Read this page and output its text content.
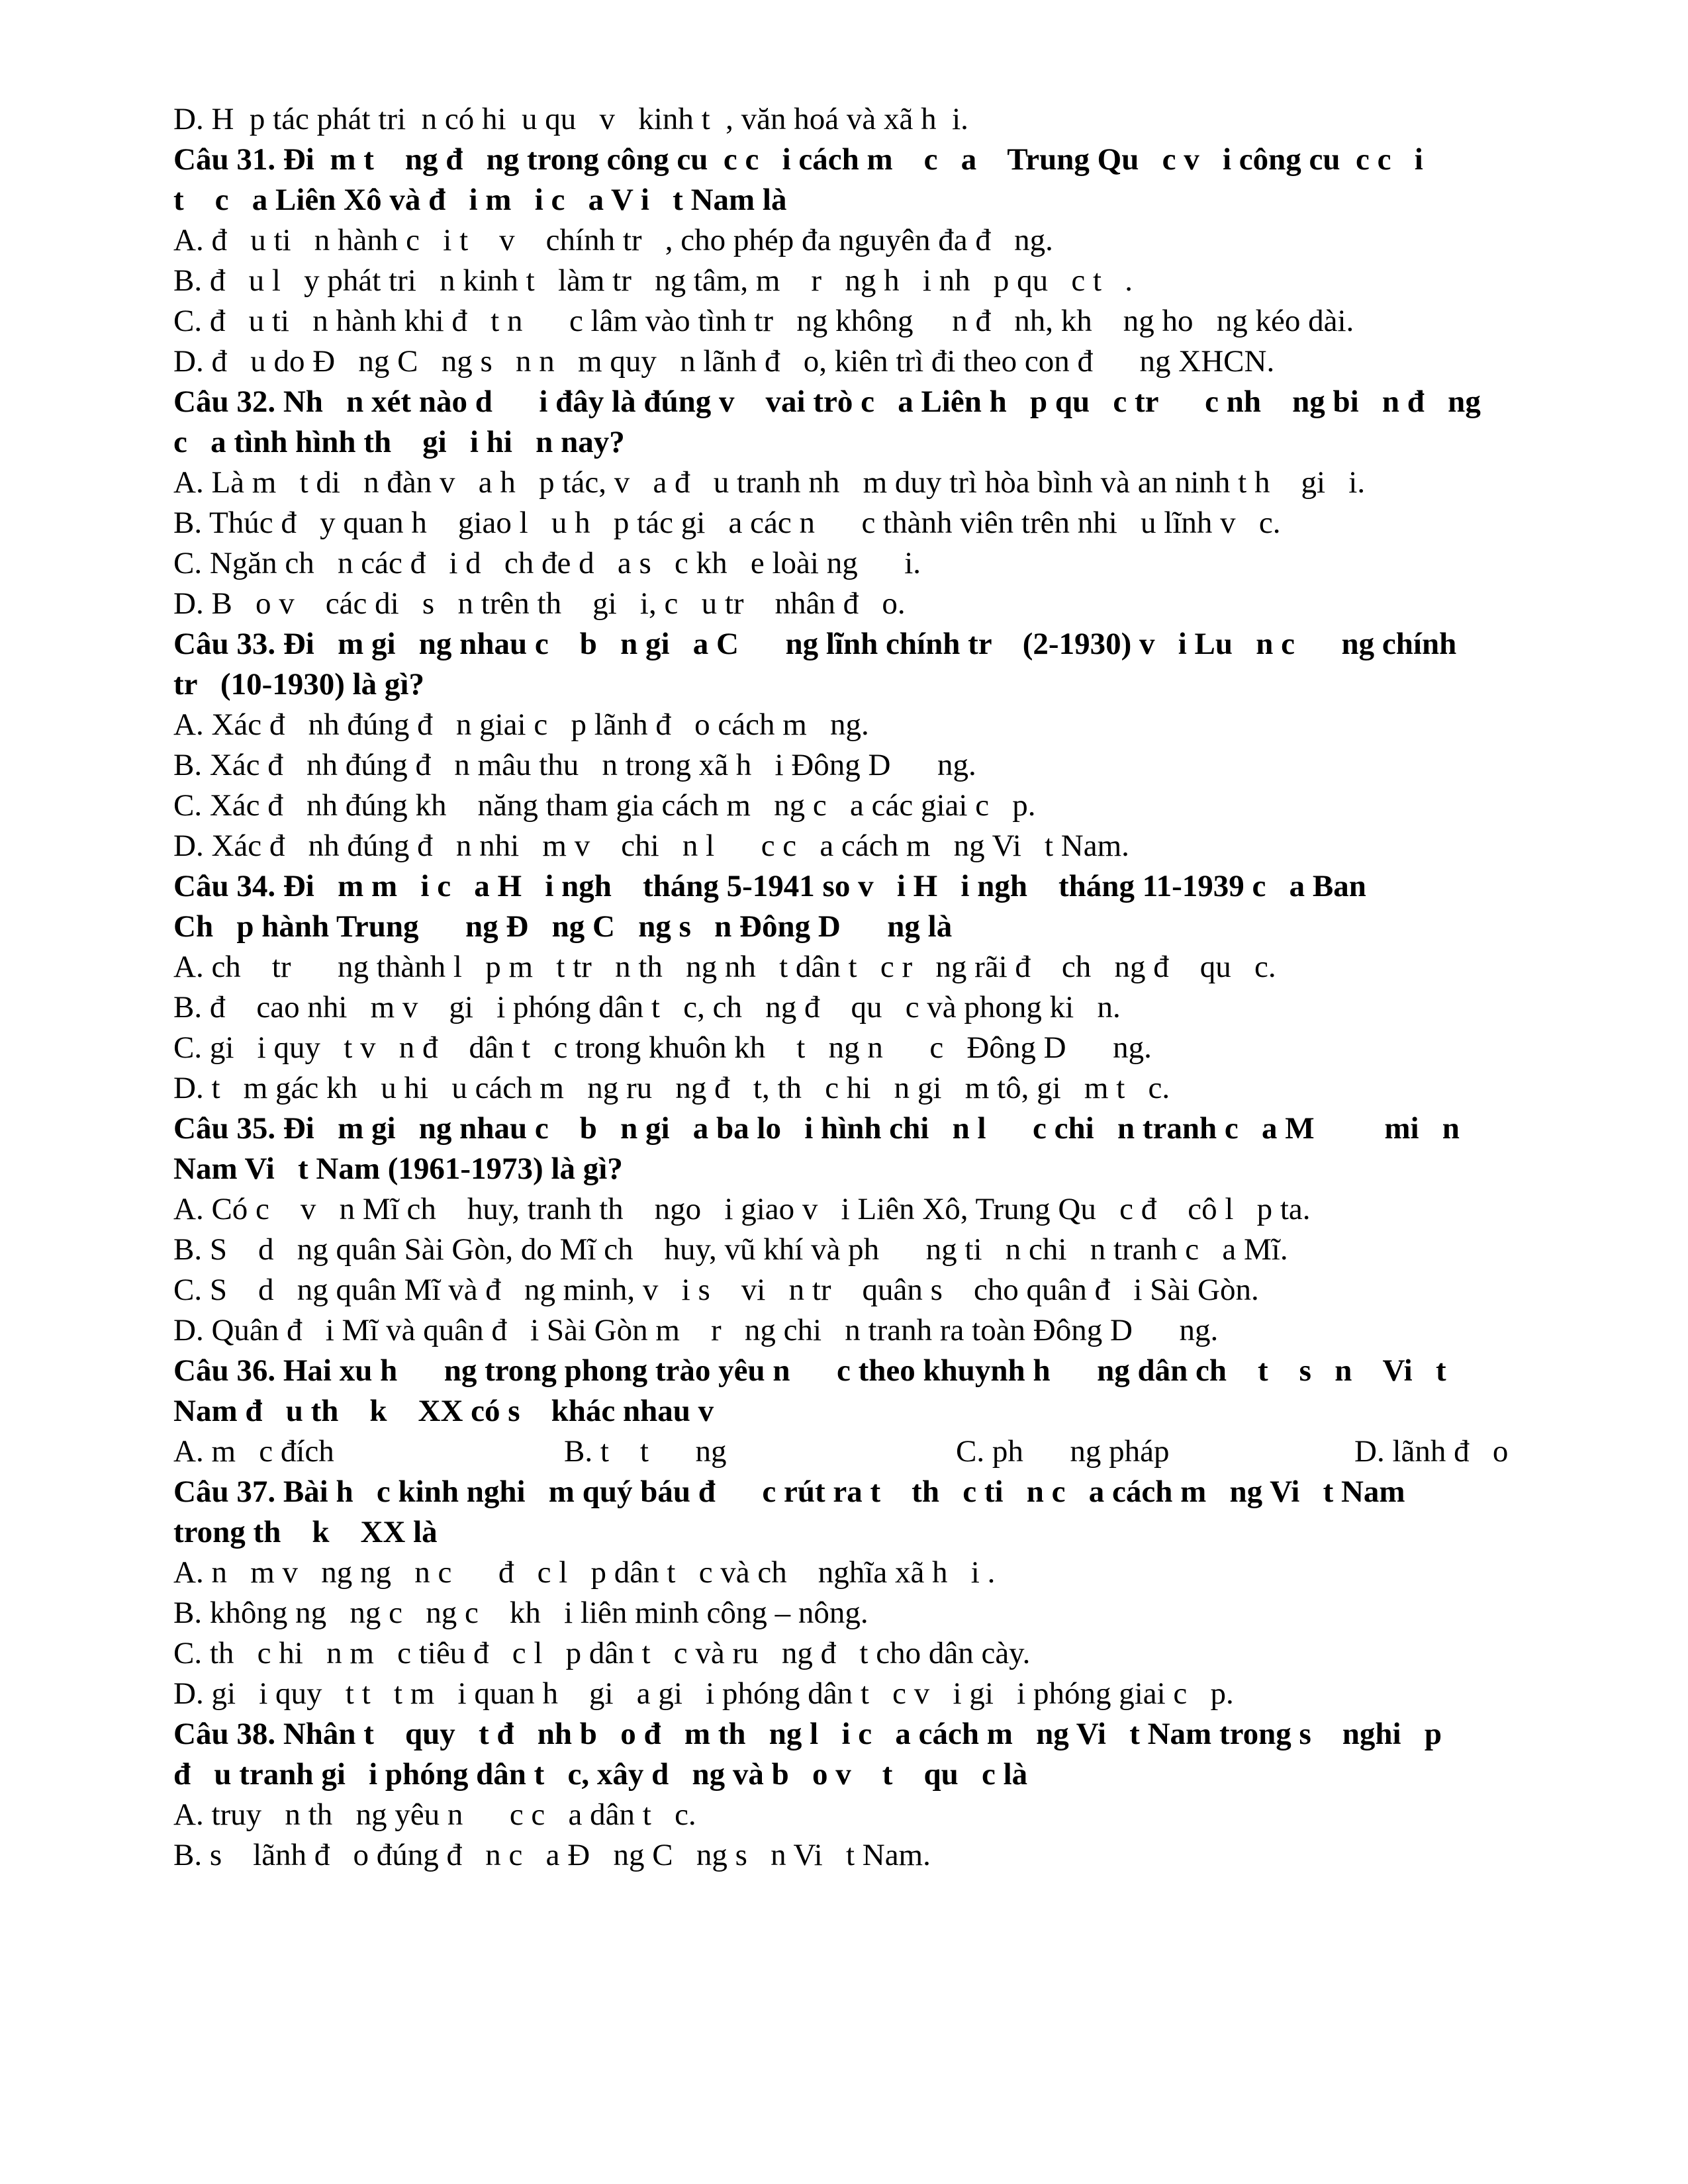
D. H  p tác phát tri  n có hi  u qu   v   kinh t  , văn hoá và xã h  i.
Câu 31. Đi  m t    ng đ   ng trong công cu  c c   i cách m    c   a    Trung Qu   c v   i công cu  c c   i
t    c   a Liên Xô và đ   i m   i c   a V i   t Nam là
A. đ   u ti   n hành c   i t    v    chính tr   , cho phép đa nguyên đa đ   ng.
B. đ   u l   y phát tri   n kinh t   làm tr   ng tâm, m    r   ng h   i nh   p qu   c t   .
C. đ   u ti   n hành khi đ   t n      c lâm vào tình tr   ng không     n đ   nh, kh    ng ho   ng kéo dài.
D. đ   u do Đ   ng C   ng s   n n   m quy   n lãnh đ   o, kiên trì đi theo con đ      ng XHCN.
Câu 32. Nh   n xét nào d      i đây là đúng v    vai trò c   a Liên h   p qu   c tr      c nh    ng bi   n đ   ng
c   a tình hình th    gi   i hi   n nay?
A. Là m   t di   n đàn v   a h   p tác, v   a đ   u tranh nh   m duy trì hòa bình và an ninh t h    gi   i.
B. Thúc đ   y quan h    giao l   u h   p tác gi   a các n      c thành viên trên nhi   u lĩnh v   c.
C. Ngăn ch   n các đ   i d   ch đe d   a s   c kh   e loài ng      i.
D. B   o v    các di   s   n trên th    gi   i, c   u tr    nhân đ   o.
Câu 33. Đi   m gi   ng nhau c    b   n gi   a C      ng lĩnh chính tr    (2-1930) v   i Lu   n c      ng chính
tr   (10-1930) là gì?
A. Xác đ   nh đúng đ   n giai c   p lãnh đ   o cách m   ng.
B. Xác đ   nh đúng đ   n mâu thu   n trong xã h   i Đông D      ng.
C. Xác đ   nh đúng kh    năng tham gia cách m   ng c   a các giai c   p.
D. Xác đ   nh đúng đ   n nhi   m v    chi   n l      c c   a cách m   ng Vi   t Nam.
Câu 34. Đi   m m   i c   a H   i ngh    tháng 5-1941 so v   i H   i ngh    tháng 11-1939 c   a Ban
Ch   p hành Trung      ng Đ   ng C   ng s   n Đông D      ng là
A. ch    tr      ng thành l   p m   t tr   n th   ng nh   t dân t   c r   ng rãi đ    ch   ng đ    qu   c.
B. đ    cao nhi   m v    gi   i phóng dân t   c, ch   ng đ    qu   c và phong ki   n.
C. gi   i quy   t v   n đ    dân t   c trong khuôn kh    t   ng n      c   Đông D      ng.
D. t   m gác kh   u hi   u cách m   ng ru   ng đ   t, th   c hi   n gi   m tô, gi   m t   c.
Câu 35. Đi   m gi   ng nhau c    b   n gi   a ba lo   i hình chi   n l      c chi   n tranh c   a M         mi   n
Nam Vi   t Nam (1961-1973) là gì?
A. Có c    v   n Mĩ ch    huy, tranh th    ngo   i giao v   i Liên Xô, Trung Qu   c đ    cô l   p ta.
B. S    d   ng quân Sài Gòn, do Mĩ ch    huy, vũ khí và ph      ng ti   n chi   n tranh c   a Mĩ.
C. S    d   ng quân Mĩ và đ   ng minh, v   i s    vi   n tr    quân s    cho quân đ   i Sài Gòn.
D. Quân đ   i Mĩ và quân đ   i Sài Gòn m    r   ng chi   n tranh ra toàn Đông D      ng.
Câu 36. Hai xu h      ng trong phong trào yêu n      c theo khuynh h      ng dân ch    t    s   n    Vi   t
Nam đ   u th    k    XX có s    khác nhau v
A. m   c đích	B. t    t      ng	C. ph      ng pháp	D. lãnh đ   o
Câu 37. Bài h   c kinh nghi   m quý báu đ      c rút ra t    th   c ti   n c   a cách m   ng Vi   t Nam
trong th    k    XX là
A. n   m v   ng ng   n c      đ   c l   p dân t   c và ch    nghĩa xã h   i .
B. không ng   ng c   ng c    kh   i liên minh công – nông.
C. th   c hi   n m   c tiêu đ   c l   p dân t   c và ru   ng đ   t cho dân cày.
D. gi   i quy   t t   t m   i quan h    gi   a gi   i phóng dân t   c v   i gi   i phóng giai c   p.
Câu 38. Nhân t    quy   t đ   nh b   o đ   m th   ng l   i c   a cách m   ng Vi   t Nam trong s    nghi   p
đ   u tranh gi   i phóng dân t   c, xây d   ng và b   o v    t    qu   c là
A. truy   n th   ng yêu n      c c   a dân t   c.
B. s    lãnh đ   o đúng đ   n c   a Đ   ng C   ng s   n Vi   t Nam.
